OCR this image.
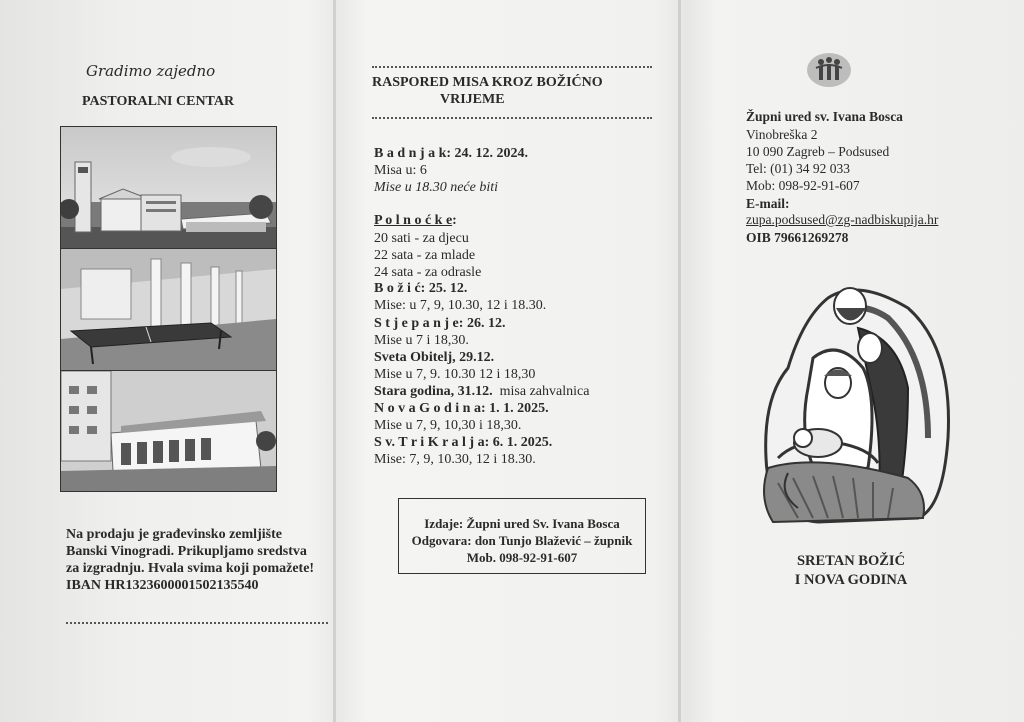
Gradimo zajedno
PASTORALNI CENTAR
Na prodaju je građevinsko zemljište
Banski Vinogradi. Prikupljamo sredstva
za izgradnju. Hvala svima koji pomažete!
IBAN HR1323600001502135540
RASPORED MISA KROZ BOŽIĆNO
VRIJEME
B a d n j a k: 24. 12. 2024.
Misa u: 6
Mise u 18.30 neće biti
P o l n o ć k e:
20 sati - za djecu
22 sata - za mlade
24 sata - za odrasle
B o ž i ć: 25. 12.
Mise: u 7, 9, 10.30, 12 i 18.30.
S t j e p a n j e: 26. 12.
Mise u 7 i 18,30.
Sveta Obitelj, 29.12.
Mise u 7, 9. 10.30 12 i 18,30
Stara godina, 31.12. misa zahvalnica
N o v a G o d i n a: 1. 1. 2025.
Mise u 7, 9, 10,30 i 18,30.
S v. T r i K r a l j a: 6. 1. 2025.
Mise: 7, 9, 10.30, 12 i 18.30.
Izdaje: Župni ured Sv. Ivana Bosca
Odgovara: don Tunjo Blažević – župnik
Mob. 098-92-91-607
Župni ured sv. Ivana Bosca
Vinobreška 2
10 090 Zagreb – Podsused
Tel: (01) 34 92 033
Mob: 098-92-91-607
E-mail:
zupa.podsused@zg-nadbiskupija.hr
OIB 79661269278
SRETAN BOŽIĆ
I NOVA GODINA
